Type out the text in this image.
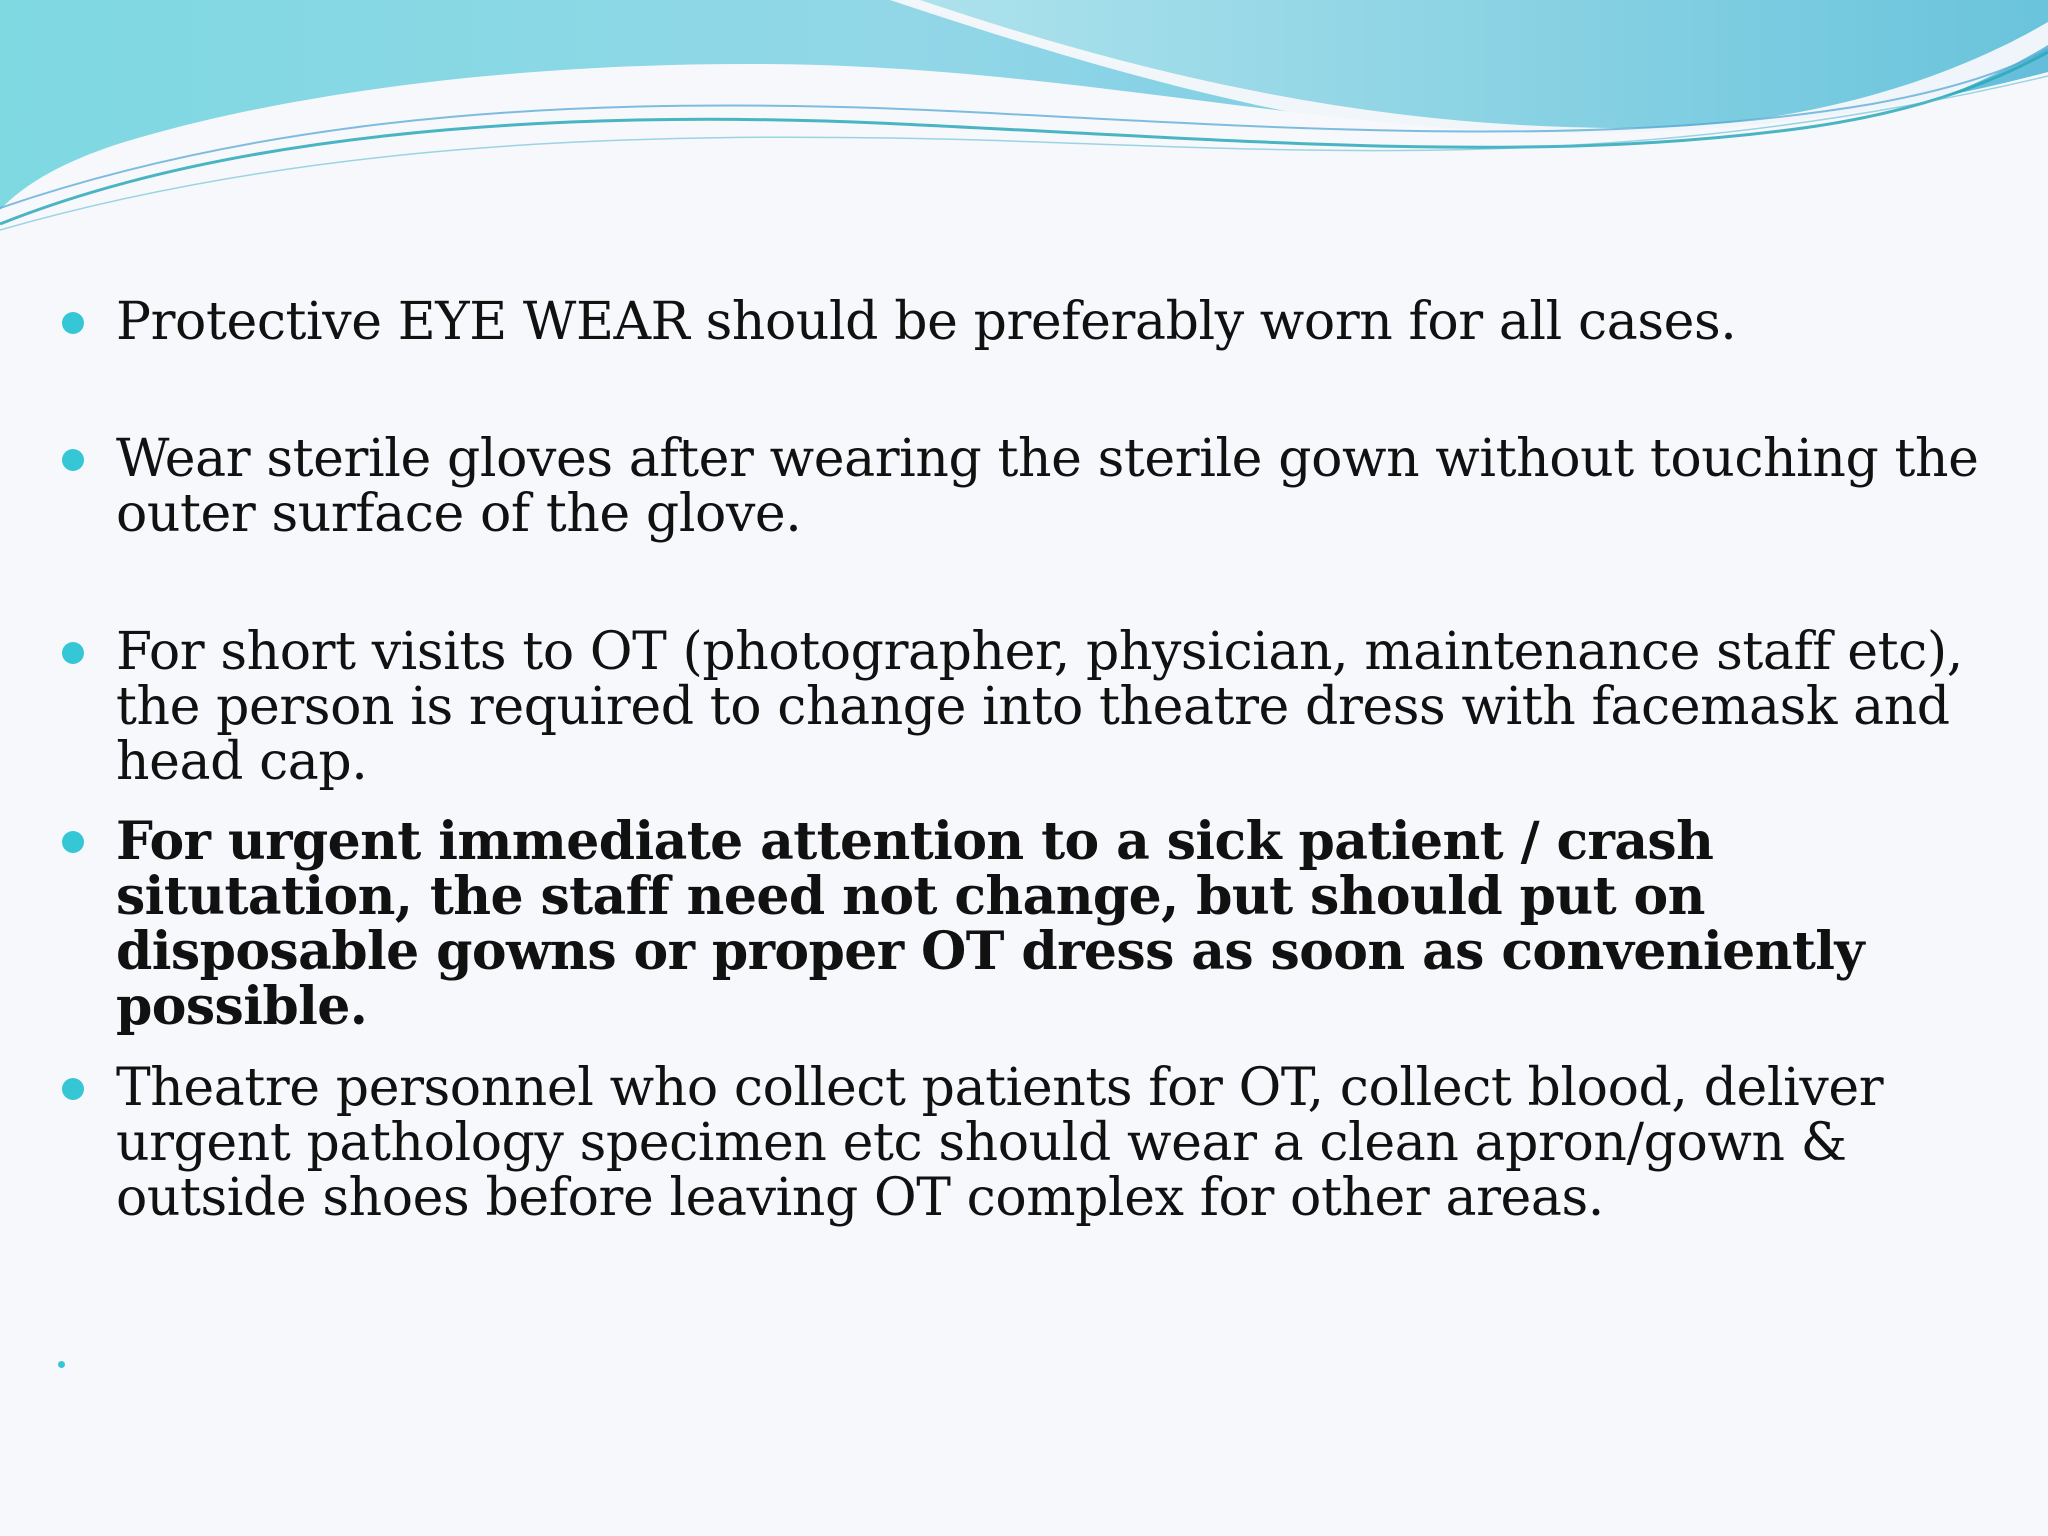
Protective EYE WEAR should be preferably worn for all cases.
Wear sterile gloves after wearing the sterile gown without touching the outer surface of the glove.
For short visits to OT (photographer, physician, maintenance staff etc), the person is required to change into theatre dress with facemask and head cap.
For urgent immediate attention to a sick patient / crash situtation, the staff need not change, but should put on disposable gowns or proper OT dress as soon as conveniently possible.
Theatre personnel who collect patients for OT, collect blood, deliver urgent pathology specimen etc should wear a clean apron/gown & outside shoes before leaving OT complex for other areas.
